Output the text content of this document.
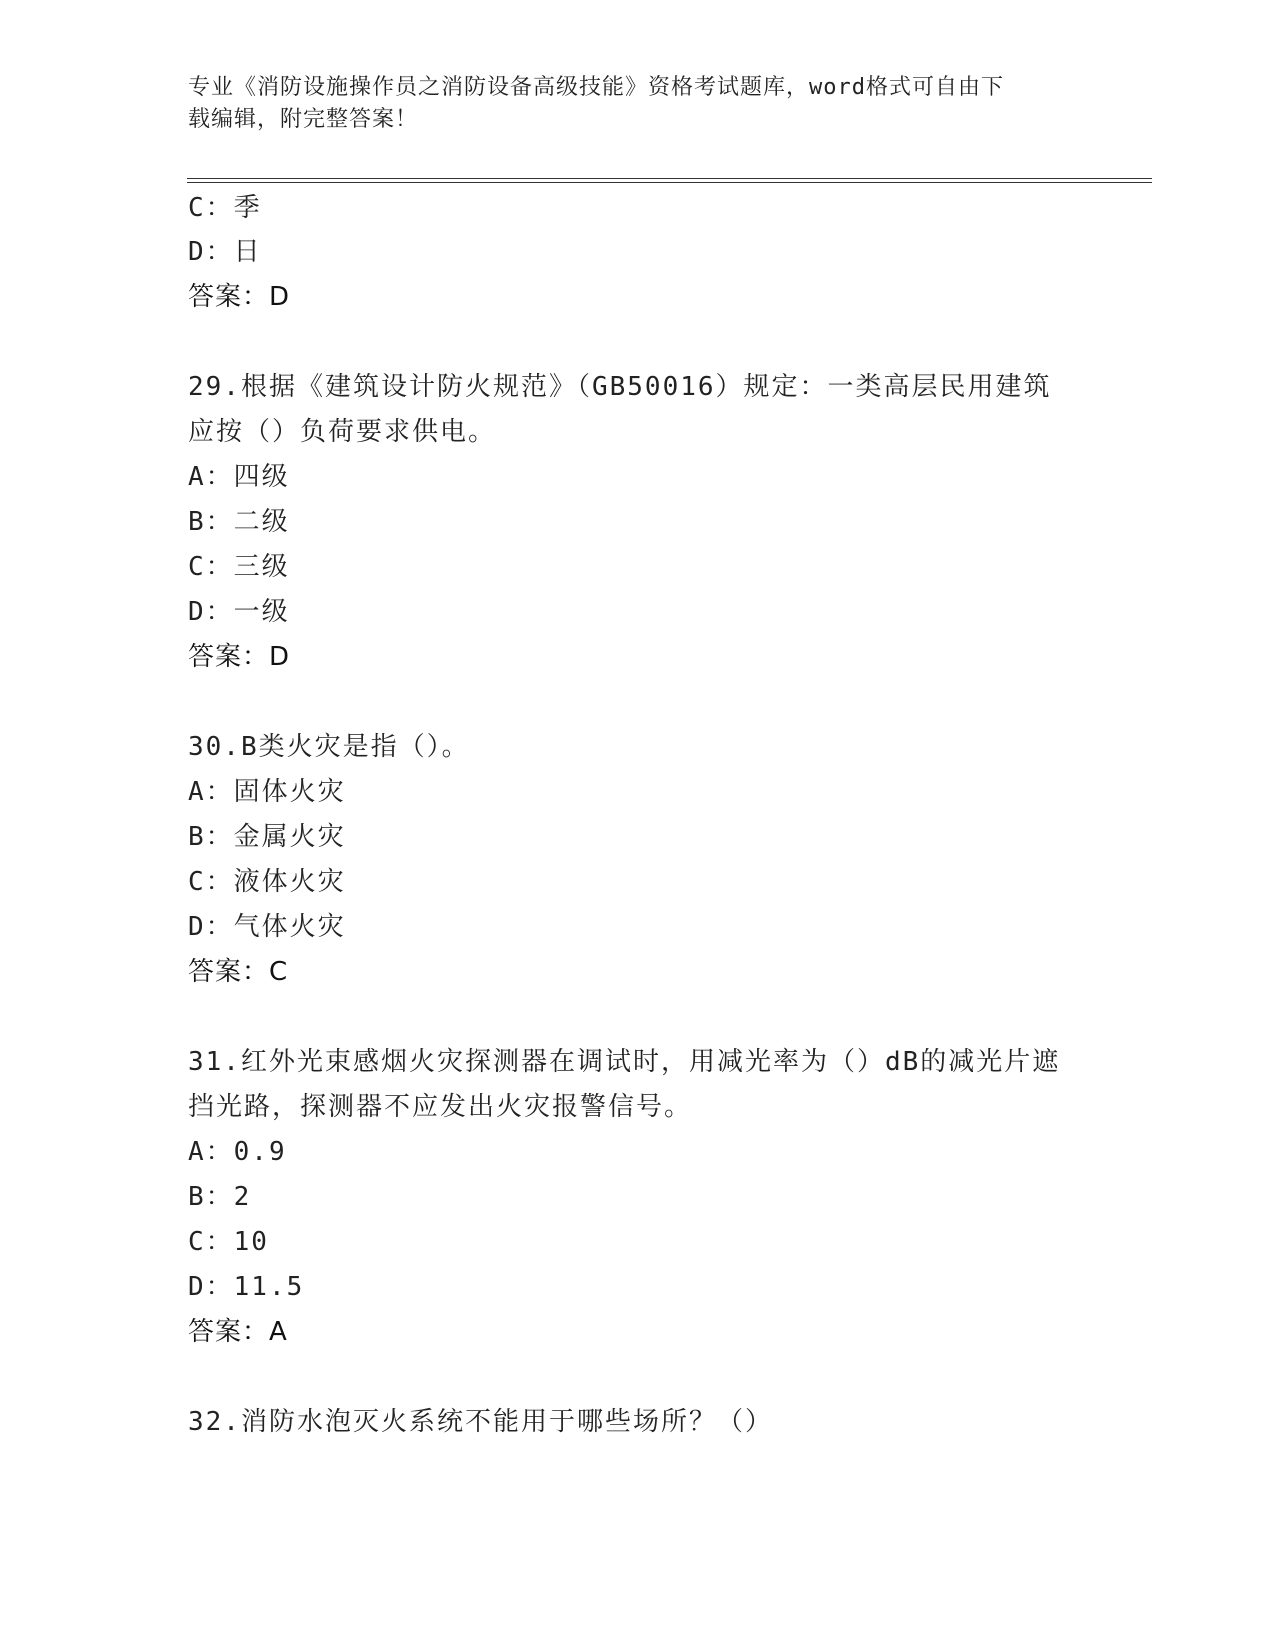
专业《消防设施操作员之消防设备高级技能》资格考试题库，word格式可自由下
载编辑，附完整答案！
C：季
D：日
答案：D
29.根据《建筑设计防火规范》（GB50016）规定：一类高层民用建筑
应按（）负荷要求供电。
A：四级
B：二级
C：三级
D：一级
答案：D
30.B类火灾是指（）。
A：固体火灾
B：金属火灾
C：液体火灾
D：气体火灾
答案：C
31.红外光束感烟火灾探测器在调试时，用减光率为（）dB的减光片遮
挡光路，探测器不应发出火灾报警信号。
A：0.9
B：2
C：10
D：11.5
答案：A
32.消防水泡灭火系统不能用于哪些场所？（）
